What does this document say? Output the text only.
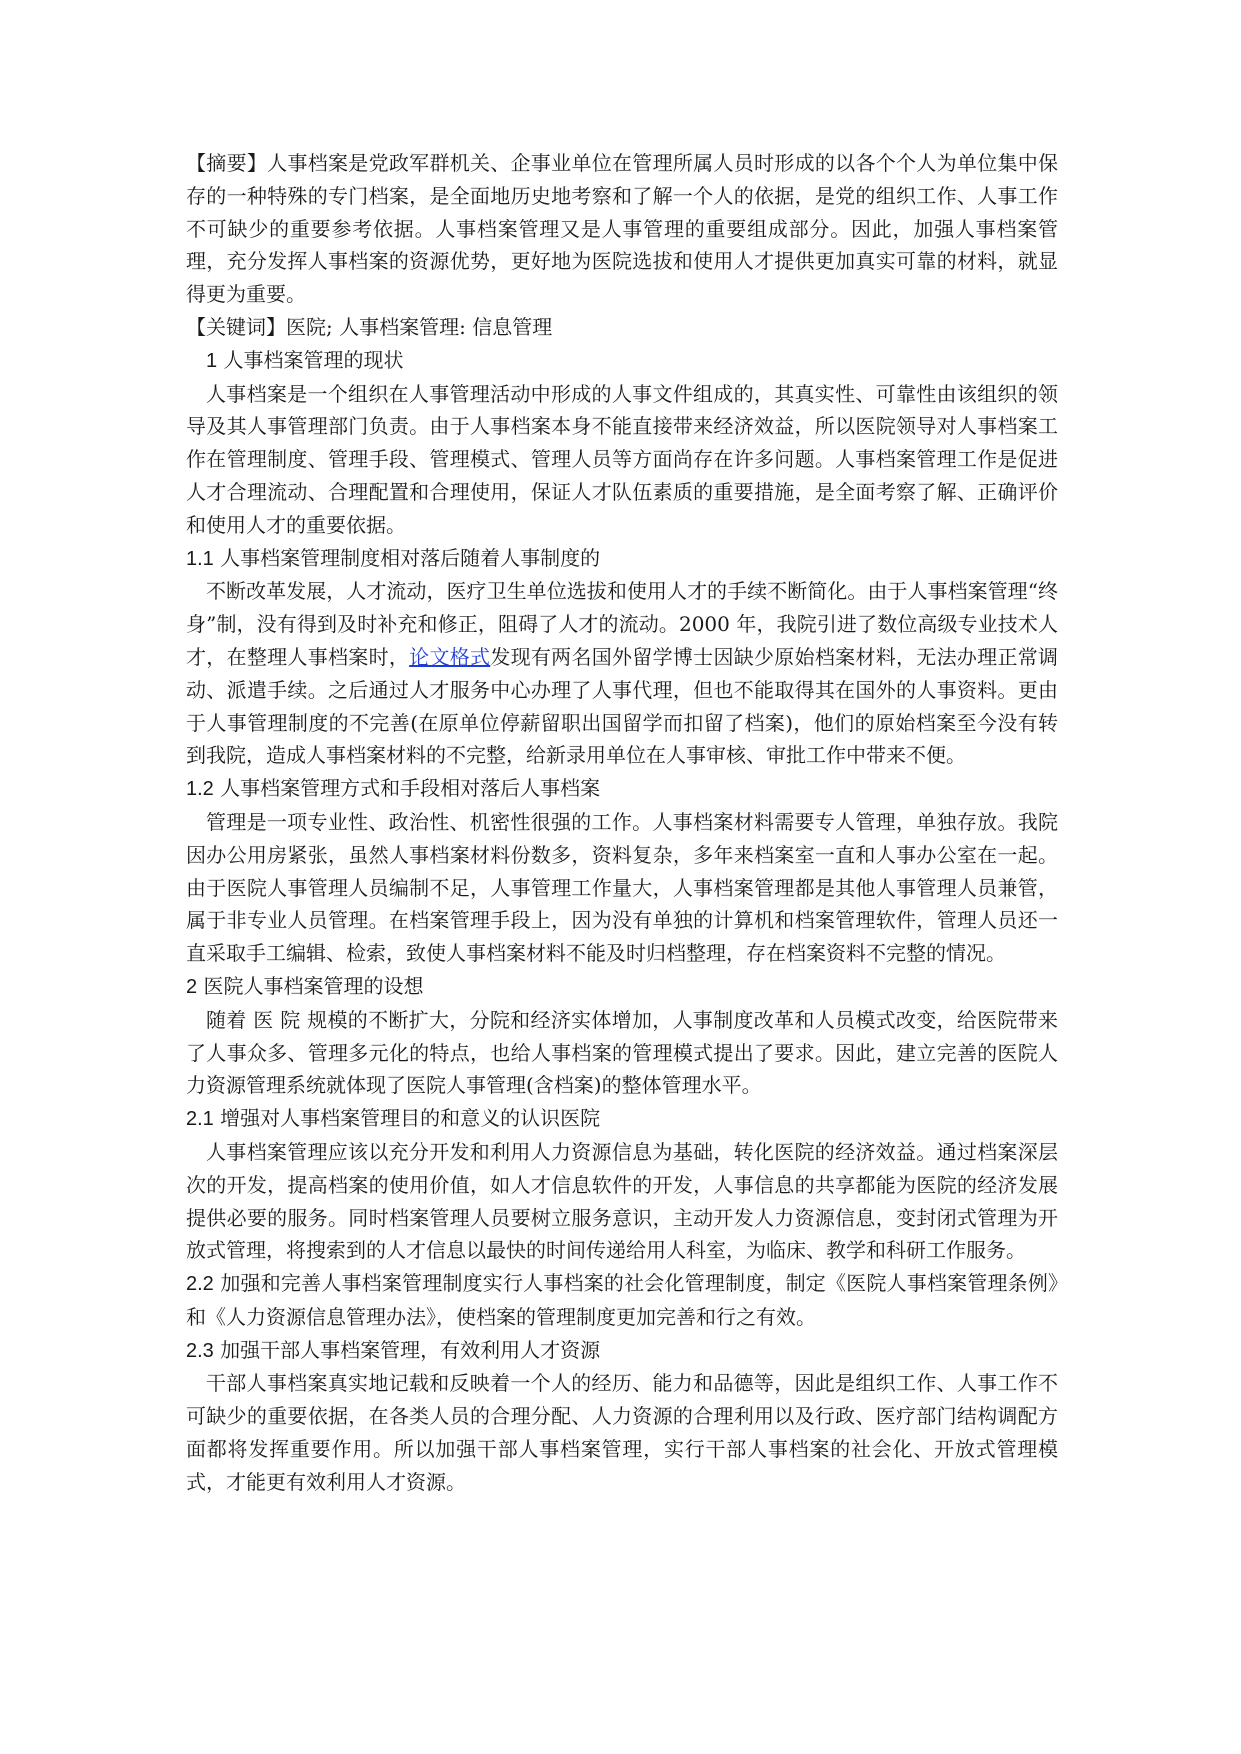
【摘要】人事档案是党政军群机关、企事业单位在管理所属人员时形成的以各个个人为单位集中保存的一种特殊的专门档案，是全面地历史地考察和了解一个人的依据，是党的组织工作、人事工作不可缺少的重要参考依据。人事档案管理又是人事管理的重要组成部分。因此，加强人事档案管理，充分发挥人事档案的资源优势，更好地为医院选拔和使用人才提供更加真实可靠的材料，就显得更为重要。

【关键词】医院; 人事档案管理: 信息管理

1 人事档案管理的现状

人事档案是一个组织在人事管理活动中形成的人事文件组成的，其真实性、可靠性由该组织的领导及其人事管理部门负责。由于人事档案本身不能直接带来经济效益，所以医院领导对人事档案工作在管理制度、管理手段、管理模式、管理人员等方面尚存在许多问题。人事档案管理工作是促进人才合理流动、合理配置和合理使用，保证人才队伍素质的重要措施，是全面考察了解、正确评价和使用人才的重要依据。

1.1 人事档案管理制度相对落后随着人事制度的

不断改革发展，人才流动，医疗卫生单位选拔和使用人才的手续不断简化。由于人事档案管理“终身”制，没有得到及时补充和修正，阻碍了人才的流动。2000 年，我院引进了数位高级专业技术人才，在整理人事档案时，论文格式发现有两名国外留学博士因缺少原始档案材料，无法办理正常调动、派遣手续。之后通过人才服务中心办理了人事代理，但也不能取得其在国外的人事资料。更由于人事管理制度的不完善(在原单位停薪留职出国留学而扣留了档案)，他们的原始档案至今没有转到我院，造成人事档案材料的不完整，给新录用单位在人事审核、审批工作中带来不便。

1.2 人事档案管理方式和手段相对落后人事档案

管理是一项专业性、政治性、机密性很强的工作。人事档案材料需要专人管理，单独存放。我院因办公用房紧张，虽然人事档案材料份数多，资料复杂，多年来档案室一直和人事办公室在一起。由于医院人事管理人员编制不足，人事管理工作量大，人事档案管理都是其他人事管理人员兼管，属于非专业人员管理。在档案管理手段上，因为没有单独的计算机和档案管理软件，管理人员还一直采取手工编辑、检索，致使人事档案材料不能及时归档整理，存在档案资料不完整的情况。

2 医院人事档案管理的设想

随着 医 院 规模的不断扩大，分院和经济实体增加，人事制度改革和人员模式改变，给医院带来了人事众多、管理多元化的特点，也给人事档案的管理模式提出了要求。因此，建立完善的医院人力资源管理系统就体现了医院人事管理(含档案)的整体管理水平。

2.1 增强对人事档案管理目的和意义的认识医院

人事档案管理应该以充分开发和利用人力资源信息为基础，转化医院的经济效益。通过档案深层次的开发，提高档案的使用价值，如人才信息软件的开发，人事信息的共享都能为医院的经济发展提供必要的服务。同时档案管理人员要树立服务意识，主动开发人力资源信息，变封闭式管理为开放式管理，将搜索到的人才信息以最快的时间传递给用人科室，为临床、教学和科研工作服务。

2.2 加强和完善人事档案管理制度实行人事档案的社会化管理制度，制定《医院人事档案管理条例》和《人力资源信息管理办法》，使档案的管理制度更加完善和行之有效。

2.3 加强干部人事档案管理，有效利用人才资源

干部人事档案真实地记载和反映着一个人的经历、能力和品德等，因此是组织工作、人事工作不可缺少的重要依据，在各类人员的合理分配、人力资源的合理利用以及行政、医疗部门结构调配方面都将发挥重要作用。所以加强干部人事档案管理，实行干部人事档案的社会化、开放式管理模式，才能更有效利用人才资源。
